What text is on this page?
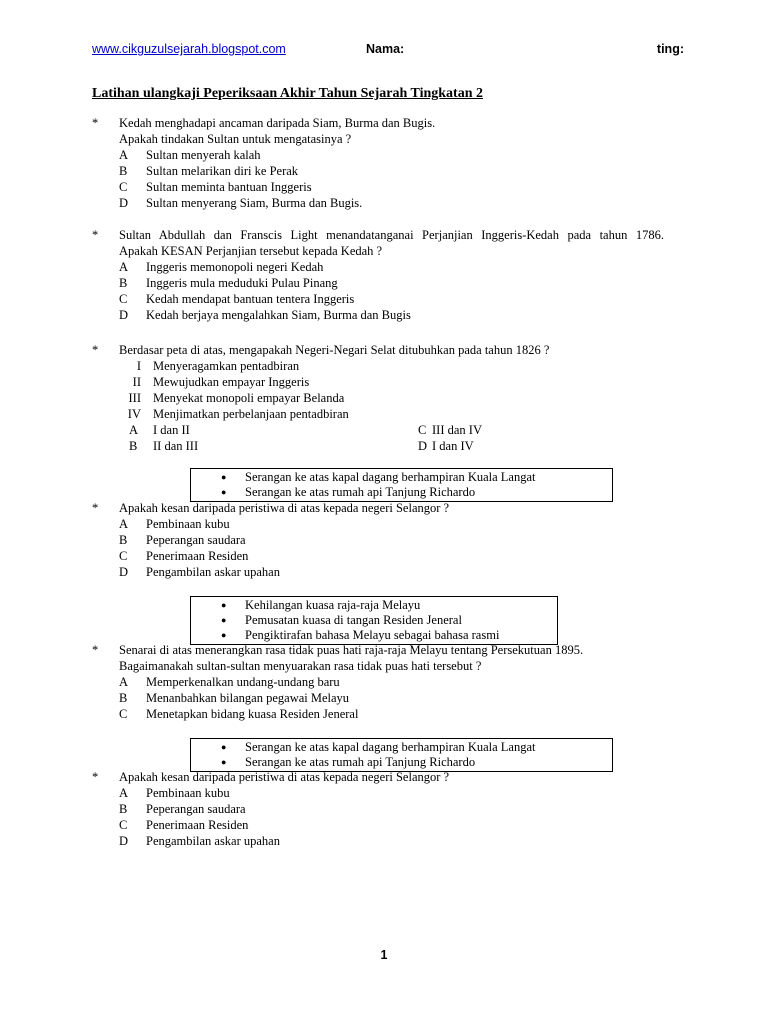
www.cikguzulsejarah.blogspot.com	Nama:	ting:
Latihan ulangkaji Peperiksaan Akhir Tahun Sejarah Tingkatan 2
* Kedah menghadapi ancaman daripada Siam, Burma dan Bugis.
Apakah tindakan Sultan untuk mengatasinya ?
A Sultan menyerah kalah
B Sultan melarikan diri ke Perak
C Sultan meminta bantuan Inggeris
D Sultan menyerang Siam, Burma dan Bugis.
* Sultan Abdullah dan Franscis Light menandatanganai Perjanjian Inggeris-Kedah pada tahun 1786.
Apakah KESAN Perjanjian tersebut kepada Kedah ?
A Inggeris memonopoli negeri Kedah
B Inggeris mula meduduki Pulau Pinang
C Kedah mendapat bantuan tentera Inggeris
D Kedah berjaya mengalahkan Siam, Burma dan Bugis
* Berdasar peta di atas, mengapakah Negeri-Negari Selat ditubuhkan pada tahun 1826 ?
I Menyeragamkan pentadbiran
II Mewujudkan empayar Inggeris
III Menyekat monopoli empayar Belanda
IV Menjimatkan perbelanjaan pentadbiran
A I dan II	C III dan IV
B II dan III	D I dan IV
● Serangan ke atas kapal dagang berhampiran Kuala Langat
● Serangan ke atas rumah api Tanjung Richardo
* Apakah kesan daripada peristiwa di atas kepada negeri Selangor ?
A Pembinaan kubu
B Peperangan saudara
C Penerimaan Residen
D Pengambilan askar upahan
● Kehilangan kuasa raja-raja Melayu
● Pemusatan kuasa di tangan Residen Jeneral
● Pengiktirafan bahasa Melayu sebagai bahasa rasmi
* Senarai di atas menerangkan rasa tidak puas hati raja-raja Melayu tentang Persekutuan 1895.
Bagaimanakah sultan-sultan menyuarakan rasa tidak puas hati tersebut ?
A Memperkenalkan undang-undang baru
B Menanbahkan bilangan pegawai Melayu
C Menetapkan bidang kuasa Residen Jeneral
● Serangan ke atas kapal dagang berhampiran Kuala Langat
● Serangan ke atas rumah api Tanjung Richardo
* Apakah kesan daripada peristiwa di atas kepada negeri Selangor ?
A Pembinaan kubu
B Peperangan saudara
C Penerimaan Residen
D Pengambilan askar upahan
1
